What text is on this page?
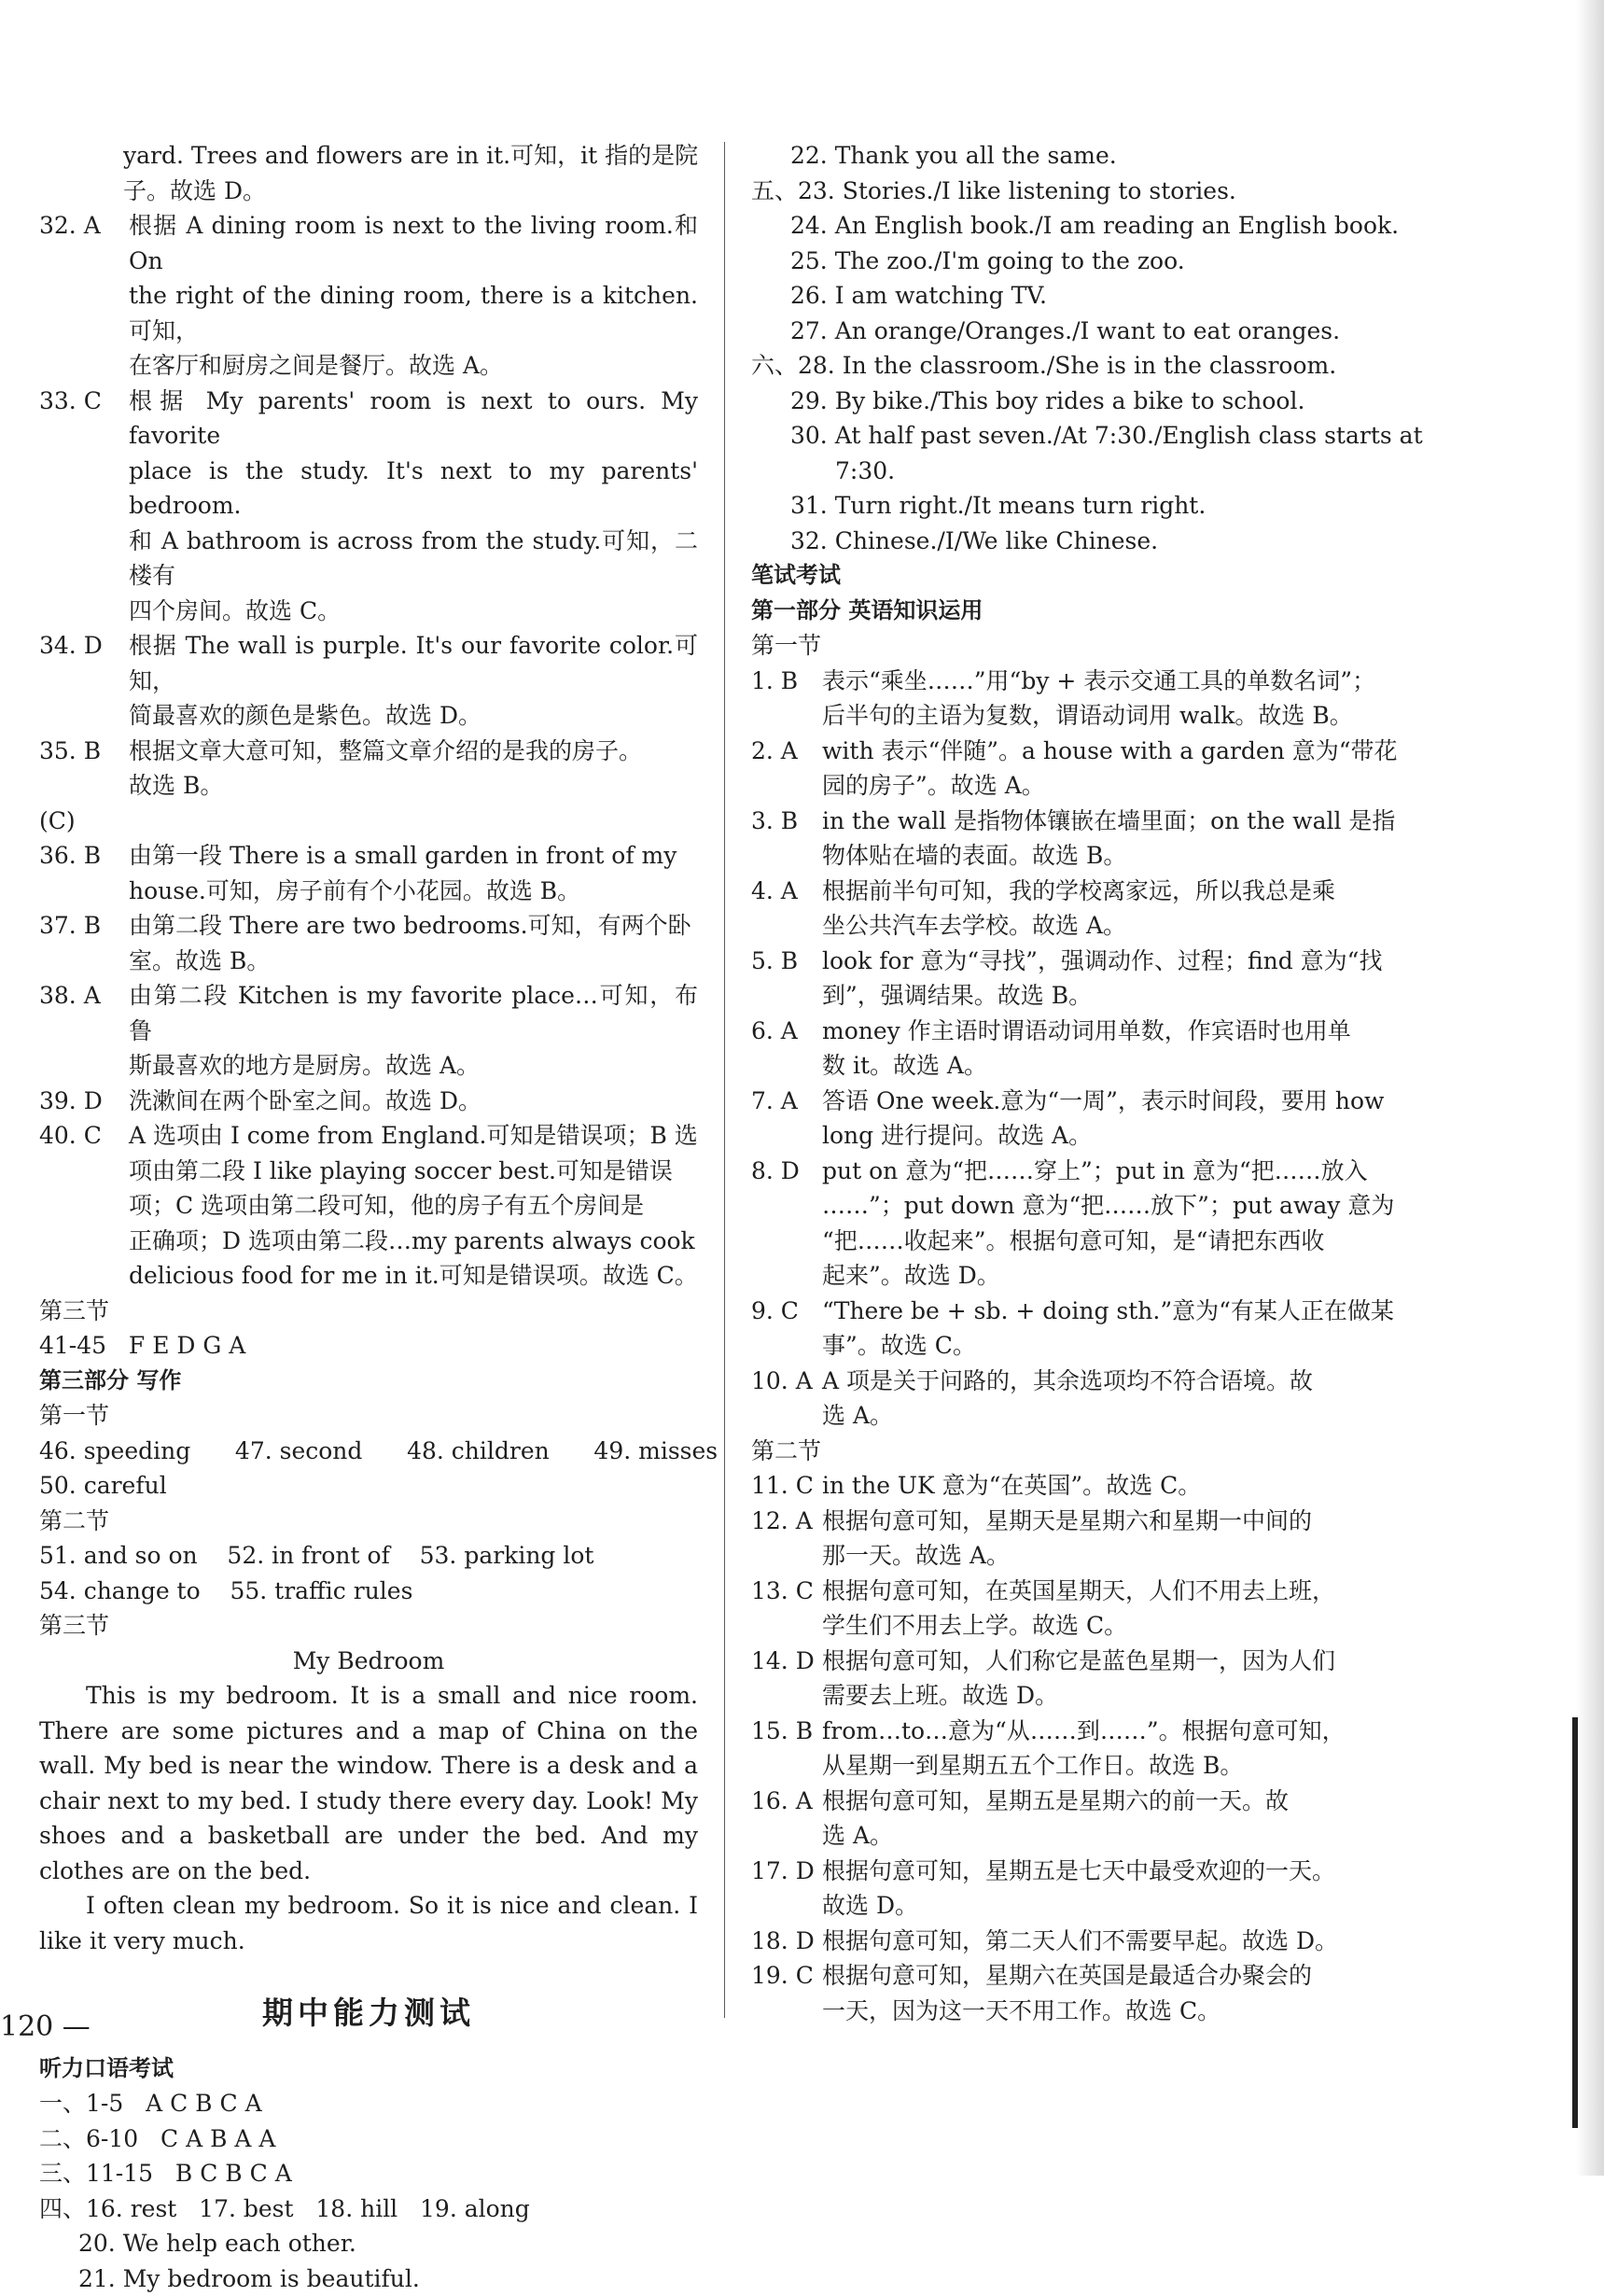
yard. Trees and flowers are in it.可知，it 指的是院
子。故选 D。
32. A	根据 A dining room is next to the living room.和 On
the right of the dining room, there is a kitchen.可知，
在客厅和厨房之间是餐厅。故选 A。
33. C	根据 My parents' room is next to ours. My favorite
place is the study. It's next to my parents' bedroom.
和 A bathroom is across from the study.可知，二楼有
四个房间。故选 C。
34. D	根据 The wall is purple. It's our favorite color.可知，
简最喜欢的颜色是紫色。故选 D。
35. B	根据文章大意可知，整篇文章介绍的是我的房子。
故选 B。
(C)
36. B	由第一段 There is a small garden in front of my
house.可知，房子前有个小花园。故选 B。
37. B	由第二段 There are two bedrooms.可知，有两个卧
室。故选 B。
38. A	由第二段 Kitchen is my favorite place…可知，布鲁
斯最喜欢的地方是厨房。故选 A。
39. D	洗漱间在两个卧室之间。故选 D。
40. C	A 选项由 I come from England.可知是错误项；B 选
项由第二段 I like playing soccer best.可知是错误
项；C 选项由第二段可知，他的房子有五个房间是
正确项；D 选项由第二段…my parents always cook
delicious food for me in it.可知是错误项。故选 C。
第三节
41-45   F E D G A
第三部分 写作
第一节
46. speeding      47. second      48. children      49. misses
50. careful
第二节
51. and so on    52. in front of    53. parking lot
54. change to    55. traffic rules
第三节
My Bedroom
This is my bedroom. It is a small and nice room. There are some pictures and a map of China on the wall. My bed is near the window. There is a desk and a chair next to my bed. I study there every day. Look! My shoes and a basketball are under the bed. And my clothes are on the bed.
I often clean my bedroom. So it is nice and clean. I like it very much.
期中能力测试
听力口语考试
一、1-5   A C B C A
二、6-10   C A B A A
三、11-15   B C B C A
四、16. rest   17. best   18. hill   19. along
20. We help each other.
21. My bedroom is beautiful.
22. Thank you all the same.
五、23. Stories./I like listening to stories.
24. An English book./I am reading an English book.
25. The zoo./I'm going to the zoo.
26. I am watching TV.
27. An orange/Oranges./I want to eat oranges.
六、28. In the classroom./She is in the classroom.
29. By bike./This boy rides a bike to school.
30. At half past seven./At 7:30./English class starts at
7:30.
31. Turn right./It means turn right.
32. Chinese./I/We like Chinese.
笔试考试
第一部分 英语知识运用
第一节
1. B	表示“乘坐……”用“by + 表示交通工具的单数名词”；
后半句的主语为复数，谓语动词用 walk。故选 B。
2. A	with 表示“伴随”。a house with a garden 意为“带花
园的房子”。故选 A。
3. B	in the wall 是指物体镶嵌在墙里面；on the wall 是指
物体贴在墙的表面。故选 B。
4. A	根据前半句可知，我的学校离家远，所以我总是乘
坐公共汽车去学校。故选 A。
5. B	look for 意为“寻找”，强调动作、过程；find 意为“找
到”，强调结果。故选 B。
6. A	money 作主语时谓语动词用单数，作宾语时也用单
数 it。故选 A。
7. A	答语 One week.意为“一周”，表示时间段，要用 how
long 进行提问。故选 A。
8. D put on 意为“把……穿上”；put in 意为“把……放入
……”；put down 意为“把……放下”；put away 意为
“把……收起来”。根据句意可知，是“请把东西收
起来”。故选 D。
9. C	“There be + sb. + doing sth.”意为“有某人正在做某
事”。故选 C。
10. A A 项是关于问路的，其余选项均不符合语境。故
选 A。
第二节
11. C in the UK 意为“在英国”。故选 C。
12. A 根据句意可知，星期天是星期六和星期一中间的
那一天。故选 A。
13. C 根据句意可知，在英国星期天，人们不用去上班，
学生们不用去上学。故选 C。
14. D 根据句意可知，人们称它是蓝色星期一，因为人们
需要去上班。故选 D。
15. B from…to…意为“从……到……”。根据句意可知，
从星期一到星期五五个工作日。故选 B。
16. A 根据句意可知，星期五是星期六的前一天。故
选 A。
17. D 根据句意可知，星期五是七天中最受欢迎的一天。
故选 D。
18. D 根据句意可知，第二天人们不需要早起。故选 D。
19. C 根据句意可知，星期六在英国是最适合办聚会的
一天，因为这一天不用工作。故选 C。
120 —
